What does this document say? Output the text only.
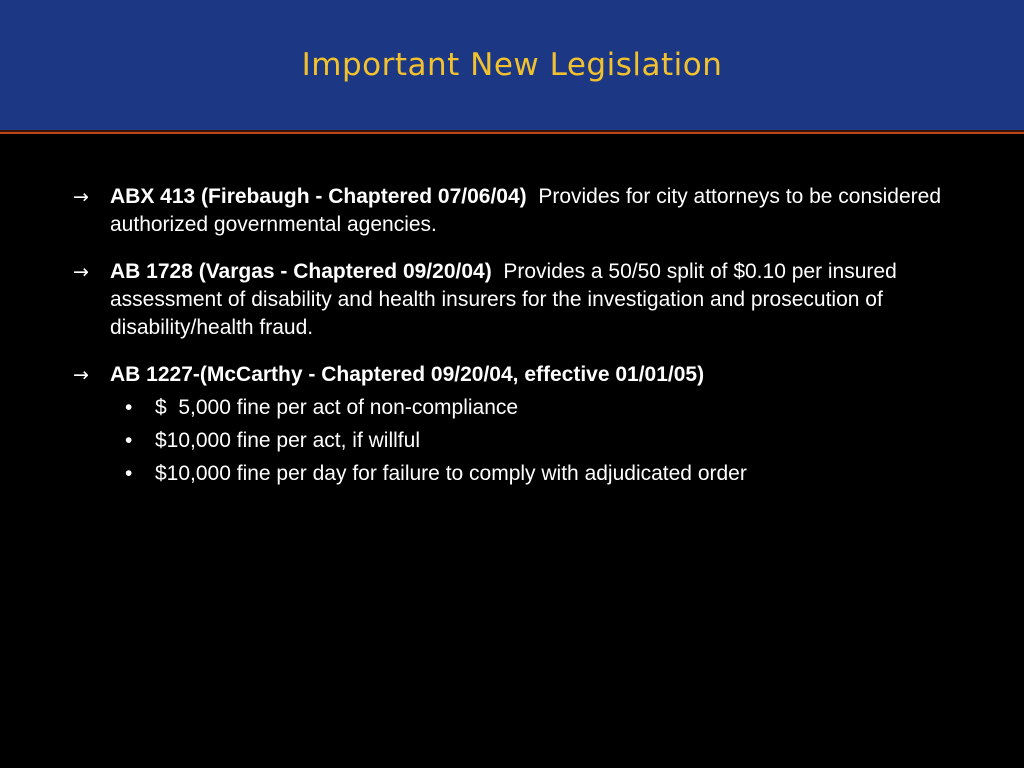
Important New Legislation
→	ABX 413 (Firebaugh - Chaptered 07/06/04) Provides for city attorneys to be considered authorized governmental agencies.
→	AB 1728 (Vargas - Chaptered 09/20/04) Provides a 50/50 split of $0.10 per insured assessment of disability and health insurers for the investigation and prosecution of disability/health fraud.
→	AB 1227-(McCarthy - Chaptered 09/20/04, effective 01/01/05)
• $  5,000 fine per act of non-compliance
• $10,000 fine per act, if willful
• $10,000 fine per day for failure to comply with adjudicated order
